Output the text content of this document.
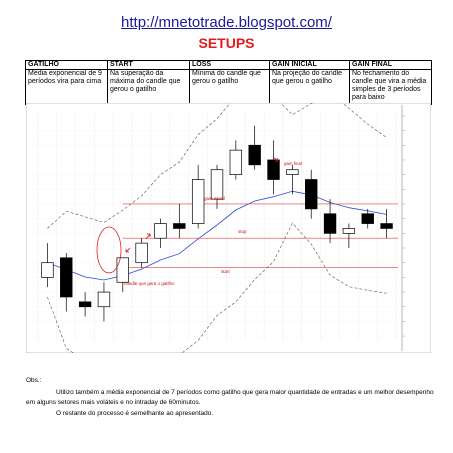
http://mnetotrade.blogspot.com/
SETUPS
GATILHO	START	LOSS	GAIN INICIAL	GAIN FINAL
Média exponencial de 9 períodos vira para cima	Na superação da máxima do candle que gerou o gatilho	Mínima do candle que gerou o gatilho	Na projeção do candle que gerou o gatilho	No fechamento do candle que vira a média simples de 3 períodos para baixo
candle que gera o gatilho
gain inicial
stop
start
gain final
Obs.:
Utilizo também a média exponencial de 7 períodos como gatilho que gera maior quantidade de entradas e um melhor desempenho em alguns setores mais voláteis e no intraday de 60minutos.
O restante do processo é semelhante ao apresentado.
